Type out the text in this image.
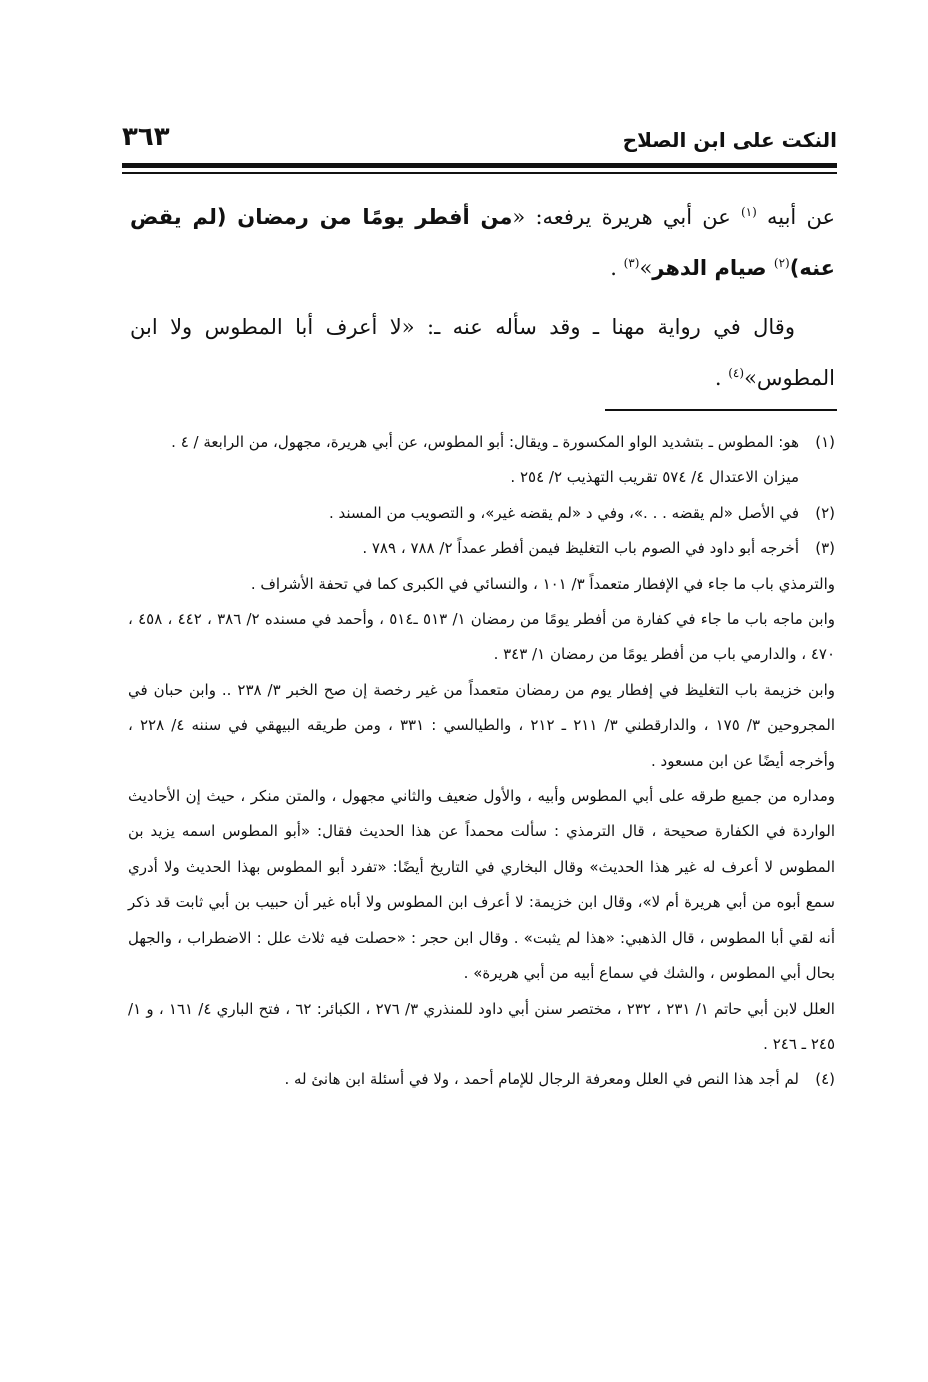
النكت على ابن الصلاح
٣٦٣

عن أبيه $^{(١)}$ عن أبي هريرة يرفعه: «من أفطر يومًا من رمضان (لم يقض عنه)$^{(٢)}$ صيام الدهر»$^{(٣)}$ .

وقال في رواية مهنا ـ وقد سأله عنه ـ: «لا أعرف أبا المطوس ولا ابن المطوس»$^{(٤)}$ .

(١)

هو: المطوس ـ بتشديد الواو المكسورة ـ ويقال: أبو المطوس، عن أبي هريرة، مجهول، من الرابعة / ٤ .

ميزان الاعتدال ٤/ ٥٧٤ تقريب التهذيب ٢/ ٢٥٤ .

(٢)

في الأصل «لم يقضه . . .»، وفي د «لم يقضه غير»، و التصويب من المسند .

(٣)

أخرجه أبو داود في الصوم باب التغليظ فيمن أفطر عمداً ٢/ ٧٨٨ ، ٧٨٩ .

والترمذي باب ما جاء في الإفطار متعمداً ٣/ ١٠١ ، والنسائي في الكبرى كما في تحفة الأشراف .

وابن ماجه باب ما جاء في كفارة من أفطر يومًا من رمضان ١/ ٥١٣ ـ٥١٤ ، وأحمد في مسنده ٢/ ٣٨٦ ، ٤٤٢ ، ٤٥٨ ، ٤٧٠ ، والدارمي باب من أفطر يومًا من رمضان ١/ ٣٤٣ .

وابن خزيمة باب التغليظ في إفطار يوم من رمضان متعمداً من غير رخصة إن صح الخبر ٣/ ٢٣٨ .. وابن حبان في المجروحين ٣/ ١٧٥ ، والدارقطني ٣/ ٢١١ ـ ٢١٢ ، والطيالسي : ٣٣١ ، ومن طريقه البيهقي في سننه ٤/ ٢٢٨ ، وأخرجه أيضًا عن ابن مسعود .

ومداره من جميع طرقه على أبي المطوس وأبيه ، والأول ضعيف والثاني مجهول ، والمتن منكر ، حيث إن الأحاديث الواردة في الكفارة صحيحة ، قال الترمذي : سألت محمداً عن هذا الحديث فقال: «أبو المطوس اسمه يزيد بن المطوس لا أعرف له غير هذا الحديث» وقال البخاري في التاريخ أيضًا: «تفرد أبو المطوس بهذا الحديث ولا أدري سمع أبوه من أبي هريرة أم لا»، وقال ابن خزيمة: لا أعرف ابن المطوس ولا أباه غير أن حبيب بن أبي ثابت قد ذكر أنه لقي أبا المطوس ، قال الذهبي: «هذا لم يثبت» . وقال ابن حجر : «حصلت فيه ثلاث علل : الاضطراب ، والجهل بحال أبي المطوس ، والشك في سماع أبيه من أبي هريرة» .

العلل لابن أبي حاتم ١/ ٢٣١ ، ٢٣٢ ، مختصر سنن أبي داود للمنذري ٣/ ٢٧٦ ، الكبائر: ٦٢ ، فتح الباري ٤/ ١٦١ ، و ١/ ٢٤٥ ـ ٢٤٦ .

(٤)

لم أجد هذا النص في العلل ومعرفة الرجال للإمام أحمد ، ولا في أسئلة ابن هانئ له .
